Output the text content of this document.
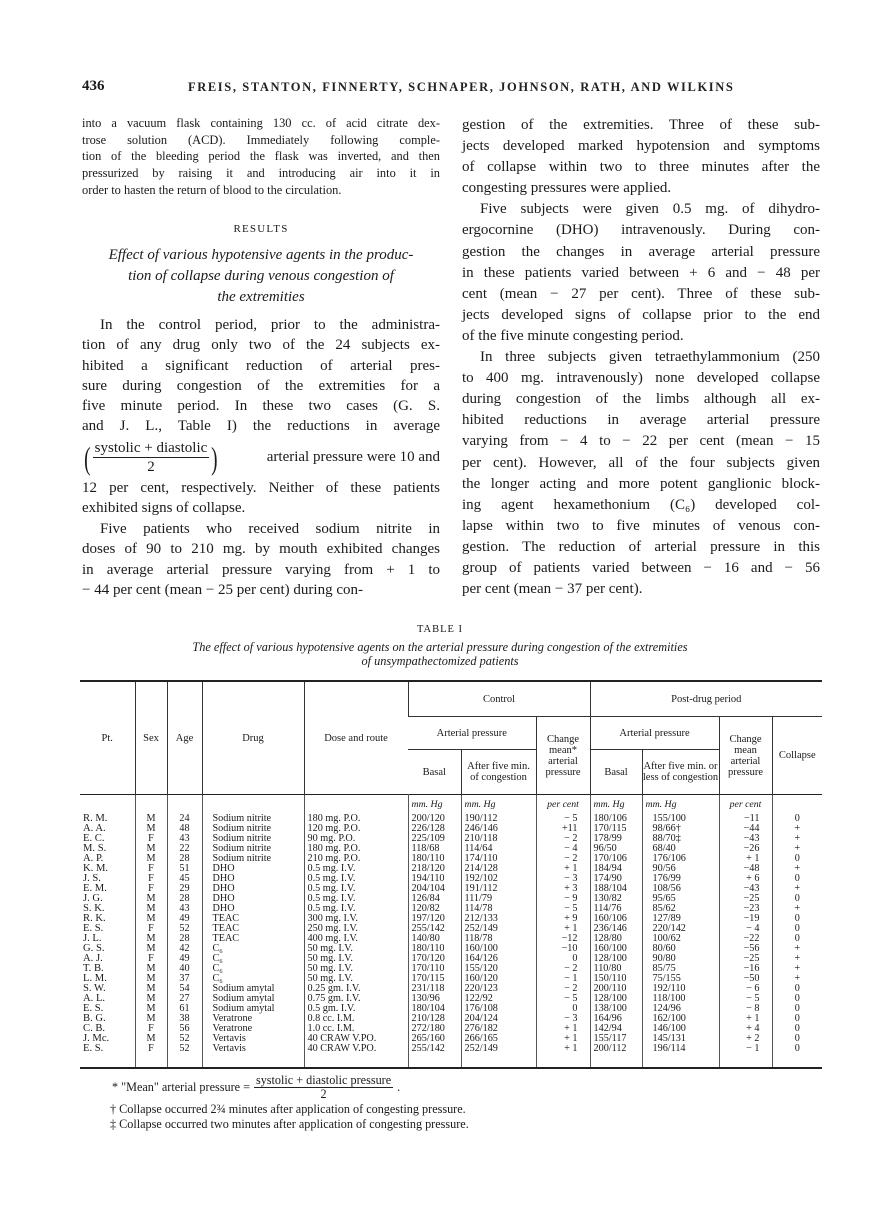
436	FREIS, STANTON, FINNERTY, SCHNAPER, JOHNSON, RATH, AND WILKINS
into a vacuum flask containing 130 cc. of acid citrate dex-
trose solution (ACD). Immediately following comple-
tion of the bleeding period the flask was inverted, and then
pressurized by raising it and introducing air into it in
order to hasten the return of blood to the circulation.
RESULTS
Effect of various hypotensive agents in the produc-
tion of collapse during venous congestion of
the extremities
In the control period, prior to the administra-
tion of any drug only two of the 24 subjects ex-
hibited a significant reduction of arterial pres-
sure during congestion of the extremities for a
five minute period. In these two cases (G. S.
and J. L., Table I) the reductions in average
( $\frac{\text{systolic + diastolic}}{2}$ )	arterial pressure were 10 and
12 per cent, respectively. Neither of these patients
exhibited signs of collapse.
Five patients who received sodium nitrite in
doses of 90 to 210 mg. by mouth exhibited changes
in average arterial pressure varying from + 1 to
− 44 per cent (mean − 25 per cent) during con-
gestion of the extremities. Three of these sub-
jects developed marked hypotension and symptoms
of collapse within two to three minutes after the
congesting pressures were applied.
Five subjects were given 0.5 mg. of dihydro-
ergocornine (DHO) intravenously. During con-
gestion the changes in average arterial pressure
in these patients varied between + 6 and − 48 per
cent (mean − 27 per cent). Three of these sub-
jects developed signs of collapse prior to the end
of the five minute congesting period.
In three subjects given tetraethylammonium (250
to 400 mg. intravenously) none developed collapse
during congestion of the limbs although all ex-
hibited reductions in average arterial pressure
varying from − 4 to − 22 per cent (mean − 15
per cent). However, all of the four subjects given
the longer acting and more potent ganglionic block-
ing agent hexamethonium (C₆) developed col-
lapse within two to five minutes of venous con-
gestion. The reduction of arterial pressure in this
group of patients varied between − 16 and − 56
per cent (mean − 37 per cent).
TABLE I
The effect of various hypotensive agents on the arterial pressure during congestion of the extremities
of unsympathectomized patients
Pt.	Sex	Age	Drug	Dose and route	Control			Post-drug period			
					Arterial pressure		Change mean* arterial pressure	Arterial pressure		Change mean arterial pressure	Collapse
					Basal	After five min. of congestion		Basal	After five min. or less of congestion		
					mm. Hg	mm. Hg	per cent	mm. Hg	mm. Hg	per cent	
R. M.	M	24	Sodium nitrite	180 mg. P.O.	200/120	190/112	− 5	180/106	155/100	−11	0
A. A.	M	48	Sodium nitrite	120 mg. P.O.	226/128	246/146	+11	170/115	98/66†	−44	+
E. C.	F	43	Sodium nitrite	90 mg. P.O.	225/109	210/118	− 2	178/99	88/70‡	−43	+
M. S.	M	22	Sodium nitrite	180 mg. P.O.	118/68	114/64	− 4	96/50	68/40	−26	+
A. P.	M	28	Sodium nitrite	210 mg. P.O.	180/110	174/110	− 2	170/106	176/106	+ 1	0
K. M.	F	51	DHO	0.5 mg. I.V.	218/120	214/128	+ 1	184/94	90/56	−48	+
J. S.	F	45	DHO	0.5 mg. I.V.	194/110	192/102	− 3	174/90	176/99	+ 6	0
E. M.	F	29	DHO	0.5 mg. I.V.	204/104	191/112	+ 3	188/104	108/56	−43	+
J. G.	M	28	DHO	0.5 mg. I.V.	126/84	111/79	− 9	130/82	95/65	−25	0
S. K.	M	43	DHO	0.5 mg. I.V.	120/82	114/78	− 5	114/76	85/62	−23	+
R. K.	M	49	TEAC	300 mg. I.V.	197/120	212/133	+ 9	160/106	127/89	−19	0
E. S.	F	52	TEAC	250 mg. I.V.	255/142	252/149	+ 1	236/146	220/142	− 4	0
J. L.	M	28	TEAC	400 mg. I.V.	140/80	118/78	−12	128/80	100/62	−22	0
G. S.	M	42	C₆	50 mg. I.V.	180/110	160/100	−10	160/100	80/60	−56	+
A. J.	F	49	C₆	50 mg. I.V.	170/120	164/126	0	128/100	90/80	−25	+
T. B.	M	40	C₆	50 mg. I.V.	170/110	155/120	− 2	110/80	85/75	−16	+
L. M.	M	37	C₆	50 mg. I.V.	170/115	160/120	− 1	150/110	75/155	−50	+
S. W.	M	54	Sodium amytal	0.25 gm. I.V.	231/118	220/123	− 2	200/110	192/110	− 6	0
A. L.	M	27	Sodium amytal	0.75 gm. I.V.	130/96	122/92	− 5	128/100	118/100	− 5	0
E. S.	M	61	Sodium amytal	0.5 gm. I.V.	180/104	176/108	0	138/100	124/96	− 8	0
B. G.	M	38	Veratrone	0.8 cc. I.M.	210/128	204/124	− 3	164/96	162/100	+ 1	0
C. B.	F	56	Veratrone	1.0 cc. I.M.	272/180	276/182	+ 1	142/94	146/100	+ 4	0
J. Mc.	M	52	Vertavis	40 CRAW V.PO.	265/160	266/165	+ 1	155/117	145/131	+ 2	0
E. S.	F	52	Vertavis	40 CRAW V.PO.	255/142	252/149	+ 1	200/112	196/114	− 1	0

* "Mean" arterial pressure = $\frac{\text{systolic + diastolic pressure}}{2}$ .
† Collapse occurred 2¾ minutes after application of congesting pressure.
‡ Collapse occurred two minutes after application of congesting pressure.
